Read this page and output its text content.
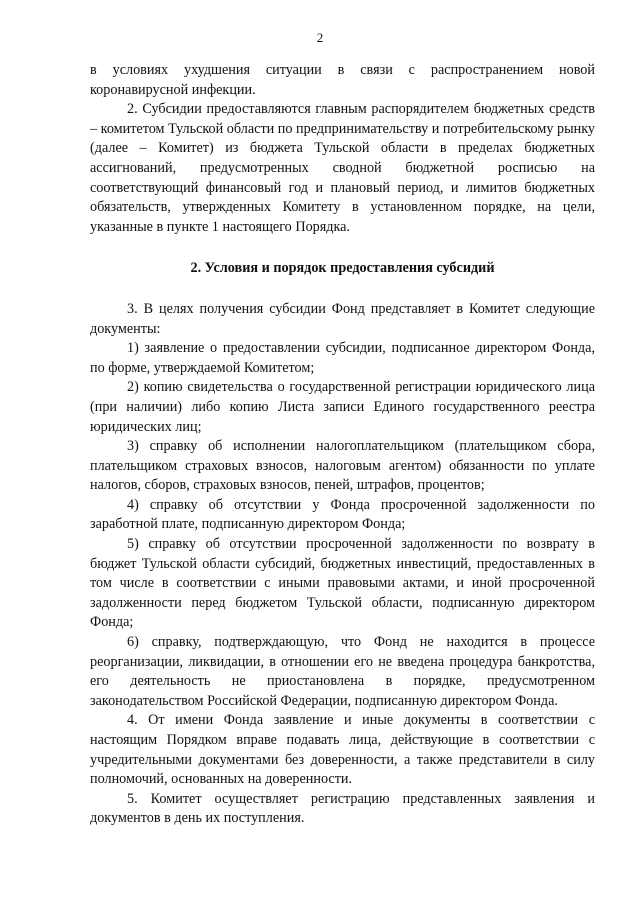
2

в условиях ухудшения ситуации в связи с распространением новой коронавирусной инфекции.

2. Субсидии предоставляются главным распорядителем бюджетных средств – комитетом Тульской области по предпринимательству и потребительскому рынку (далее – Комитет) из бюджета Тульской области в пределах бюджетных ассигнований, предусмотренных сводной бюджетной росписью на соответствующий финансовый год и плановый период, и лимитов бюджетных обязательств, утвержденных Комитету в установленном порядке, на цели, указанные в пункте 1 настоящего Порядка.

2. Условия и порядок предоставления субсидий

3. В целях получения субсидии Фонд представляет в Комитет следующие документы:

1) заявление о предоставлении субсидии, подписанное директором Фонда, по форме, утверждаемой Комитетом;

2) копию свидетельства о государственной регистрации юридического лица (при наличии) либо копию Листа записи Единого государственного реестра юридических лиц;

3) справку об исполнении налогоплательщиком (плательщиком сбора, плательщиком страховых взносов, налоговым агентом) обязанности по уплате налогов, сборов, страховых взносов, пеней, штрафов, процентов;

4) справку об отсутствии у Фонда просроченной задолженности по заработной плате, подписанную директором Фонда;

5) справку об отсутствии просроченной задолженности по возврату в бюджет Тульской области субсидий, бюджетных инвестиций, предоставленных в том числе в соответствии с иными правовыми актами, и иной просроченной задолженности перед бюджетом Тульской области, подписанную директором Фонда;

6) справку, подтверждающую, что Фонд не находится в процессе реорганизации, ликвидации, в отношении его не введена процедура банкротства, его деятельность не приостановлена в порядке, предусмотренном законодательством Российской Федерации, подписанную директором Фонда.

4. От имени Фонда заявление и иные документы в соответствии с настоящим Порядком вправе подавать лица, действующие в соответствии с учредительными документами без доверенности, а также представители в силу полномочий, основанных на доверенности.

5. Комитет осуществляет регистрацию представленных заявления и документов в день их поступления.
